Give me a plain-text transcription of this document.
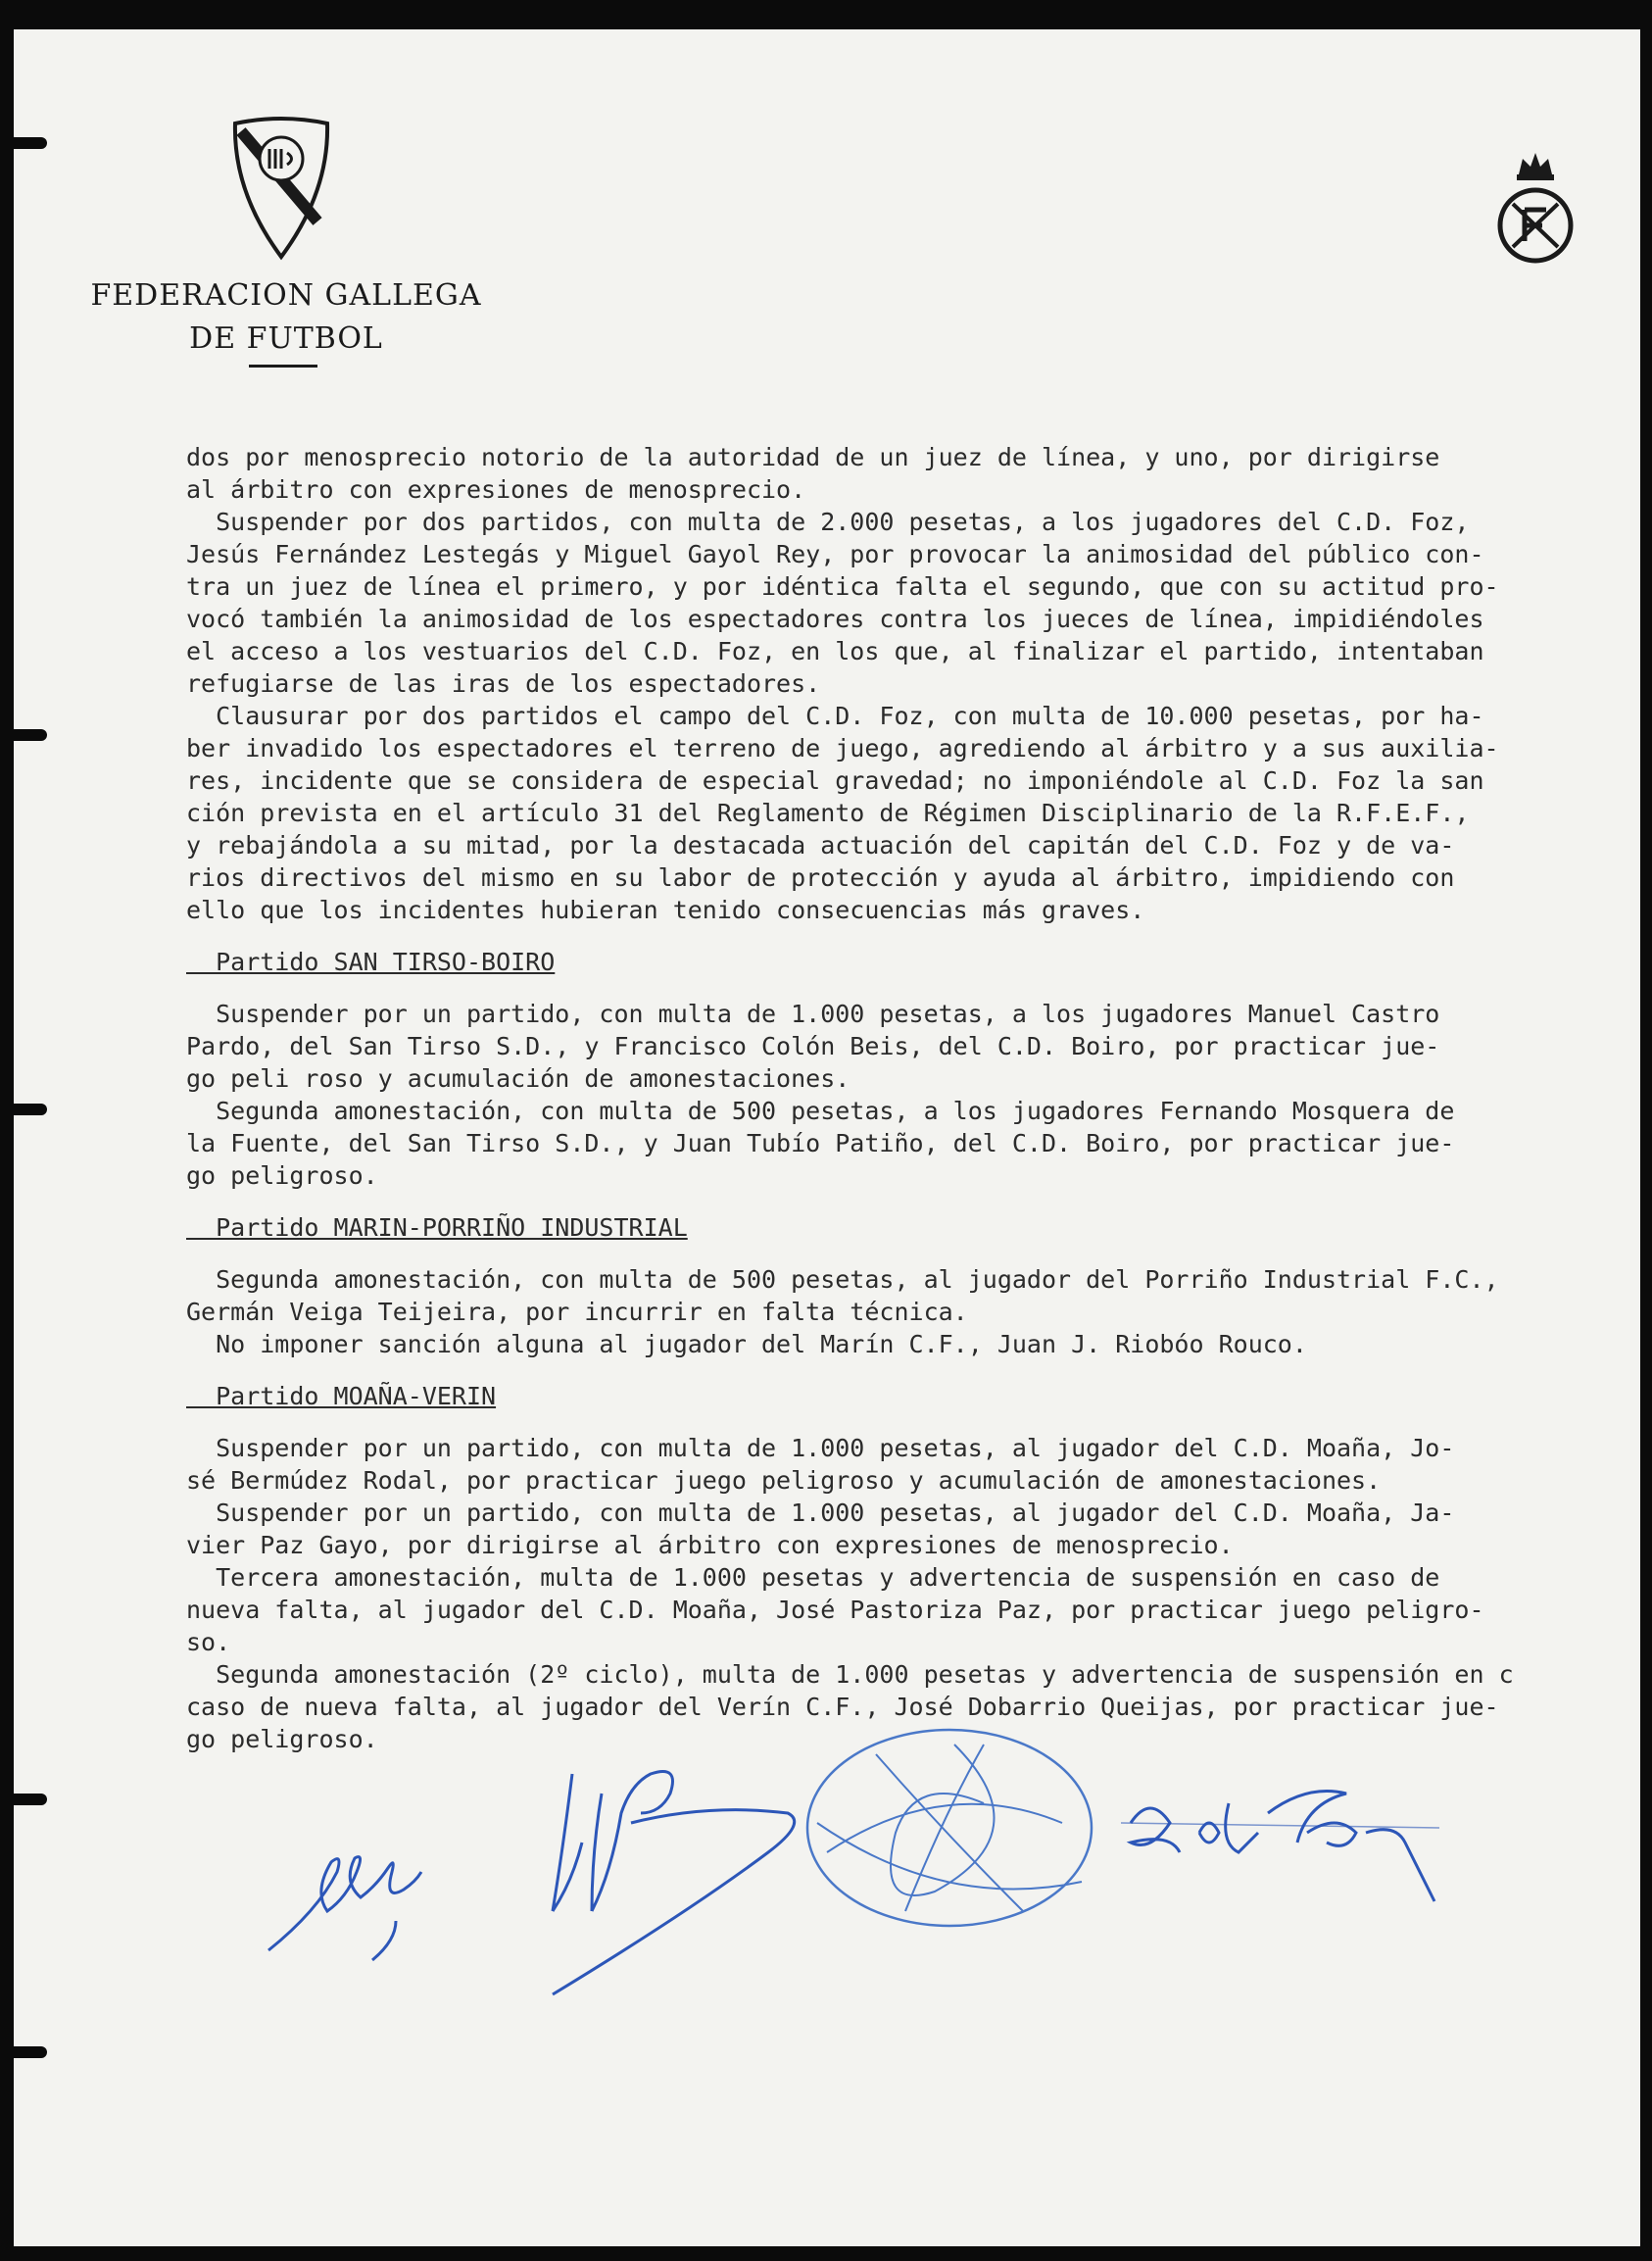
FEDERACION GALLEGA
DE FUTBOL
dos por menosprecio notorio de la autoridad de un juez de línea, y uno, por dirigirse
al árbitro con expresiones de menosprecio.
Suspender por dos partidos, con multa de 2.000 pesetas, a los jugadores del C.D. Foz,
Jesús Fernández Lestegás y Miguel Gayol Rey, por provocar la animosidad del público con-
tra un juez de línea el primero, y por idéntica falta el segundo, que con su actitud pro-
vocó también la animosidad de los espectadores contra los jueces de línea, impidiéndoles
el acceso a los vestuarios del C.D. Foz, en los que, al finalizar el partido, intentaban
refugiarse de las iras de los espectadores.
Clausurar por dos partidos el campo del C.D. Foz, con multa de 10.000 pesetas, por ha-
ber invadido los espectadores el terreno de juego, agrediendo al árbitro y a sus auxilia-
res, incidente que se considera de especial gravedad; no imponiéndole al C.D. Foz la san
ción prevista en el artículo 31 del Reglamento de Régimen Disciplinario de la R.F.E.F.,
y rebajándola a su mitad, por la destacada actuación del capitán del C.D. Foz y de va-
rios directivos del mismo en su labor de protección y ayuda al árbitro, impidiendo con
ello que los incidentes hubieran tenido consecuencias más graves.
Partido SAN TIRSO-BOIRO
Suspender por un partido, con multa de 1.000 pesetas, a los jugadores Manuel Castro
Pardo, del San Tirso S.D., y Francisco Colón Beis, del C.D. Boiro, por practicar jue-
go peli roso y acumulación de amonestaciones.
Segunda amonestación, con multa de 500 pesetas, a los jugadores Fernando Mosquera de
la Fuente, del San Tirso S.D., y Juan Tubío Patiño, del C.D. Boiro, por practicar jue-
go peligroso.
Partido MARIN-PORRIÑO INDUSTRIAL
Segunda amonestación, con multa de 500 pesetas, al jugador del Porriño Industrial F.C.,
Germán Veiga Teijeira, por incurrir en falta técnica.
No imponer sanción alguna al jugador del Marín C.F., Juan J. Riobóo Rouco.
Partido MOAÑA-VERIN
Suspender por un partido, con multa de 1.000 pesetas, al jugador del C.D. Moaña, Jo-
sé Bermúdez Rodal, por practicar juego peligroso y acumulación de amonestaciones.
Suspender por un partido, con multa de 1.000 pesetas, al jugador del C.D. Moaña, Ja-
vier Paz Gayo, por dirigirse al árbitro con expresiones de menosprecio.
Tercera amonestación, multa de 1.000 pesetas y advertencia de suspensión en caso de
nueva falta, al jugador del C.D. Moaña, José Pastoriza Paz, por practicar juego peligro-
so.
Segunda amonestación (2º ciclo), multa de 1.000 pesetas y advertencia de suspensión en c
caso de nueva falta, al jugador del Verín C.F., José Dobarrio Queijas, por practicar jue-
go peligroso.
